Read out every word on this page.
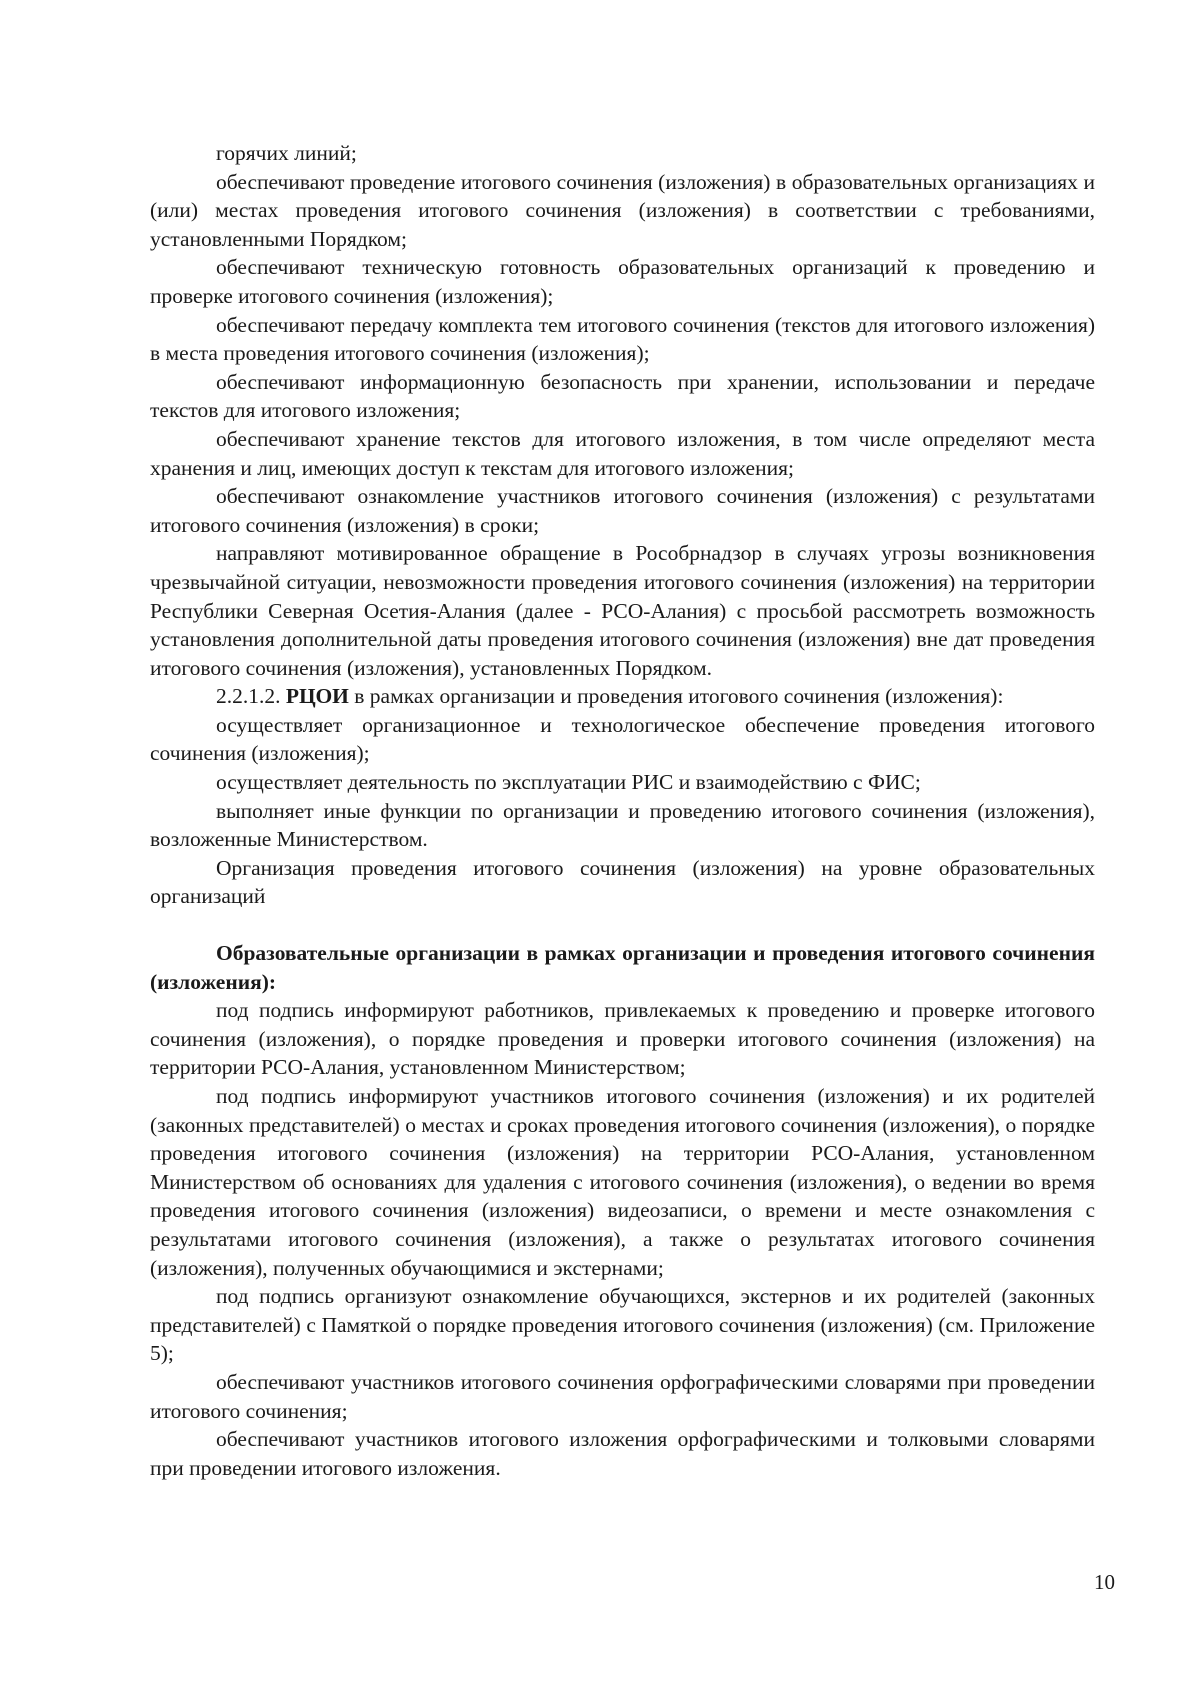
горячих линий;

обеспечивают проведение итогового сочинения (изложения) в образовательных организациях и (или) местах проведения итогового сочинения (изложения) в соответствии с требованиями, установленными Порядком;

обеспечивают техническую готовность образовательных организаций к проведению и проверке итогового сочинения (изложения);

обеспечивают передачу комплекта тем итогового сочинения (текстов для итогового изложения) в места проведения итогового сочинения (изложения);

обеспечивают информационную безопасность при хранении, использовании и передаче текстов для итогового изложения;

обеспечивают хранение текстов для итогового изложения, в том числе определяют места хранения и лиц, имеющих доступ к текстам для итогового изложения;

обеспечивают ознакомление участников итогового сочинения (изложения) с результатами итогового сочинения (изложения) в сроки;

направляют мотивированное обращение в Рособрнадзор в случаях угрозы возникновения чрезвычайной ситуации, невозможности проведения итогового сочинения (изложения) на территории Республики Северная Осетия-Алания (далее - РСО-Алания) с просьбой рассмотреть возможность установления дополнительной даты проведения итогового сочинения (изложения) вне дат проведения итогового сочинения (изложения), установленных Порядком.

2.2.1.2. РЦОИ в рамках организации и проведения итогового сочинения (изложения):

осуществляет организационное и технологическое обеспечение проведения итогового сочинения (изложения);

осуществляет деятельность по эксплуатации РИС и взаимодействию с ФИС;

выполняет иные функции по организации и проведению итогового сочинения (изложения), возложенные Министерством.

Организация проведения итогового сочинения (изложения) на уровне образовательных организаций

Образовательные организации в рамках организации и проведения итогового сочинения (изложения):

под подпись информируют работников, привлекаемых к проведению и проверке итогового сочинения (изложения), о порядке проведения и проверки итогового сочинения (изложения) на территории РСО-Алания, установленном Министерством;

под подпись информируют участников итогового сочинения (изложения) и их родителей (законных представителей) о местах и сроках проведения итогового сочинения (изложения), о порядке проведения итогового сочинения (изложения) на территории РСО-Алания, установленном Министерством об основаниях для удаления с итогового сочинения (изложения), о ведении во время проведения итогового сочинения (изложения) видеозаписи, о времени и месте ознакомления с результатами итогового сочинения (изложения), а также о результатах итогового сочинения (изложения), полученных обучающимися и экстернами;

под подпись организуют ознакомление обучающихся, экстернов и их родителей (законных представителей) с Памяткой о порядке проведения итогового сочинения (изложения) (см. Приложение 5);

обеспечивают участников итогового сочинения орфографическими словарями при проведении итогового сочинения;

обеспечивают участников итогового изложения орфографическими и толковыми словарями при проведении итогового изложения.

10
